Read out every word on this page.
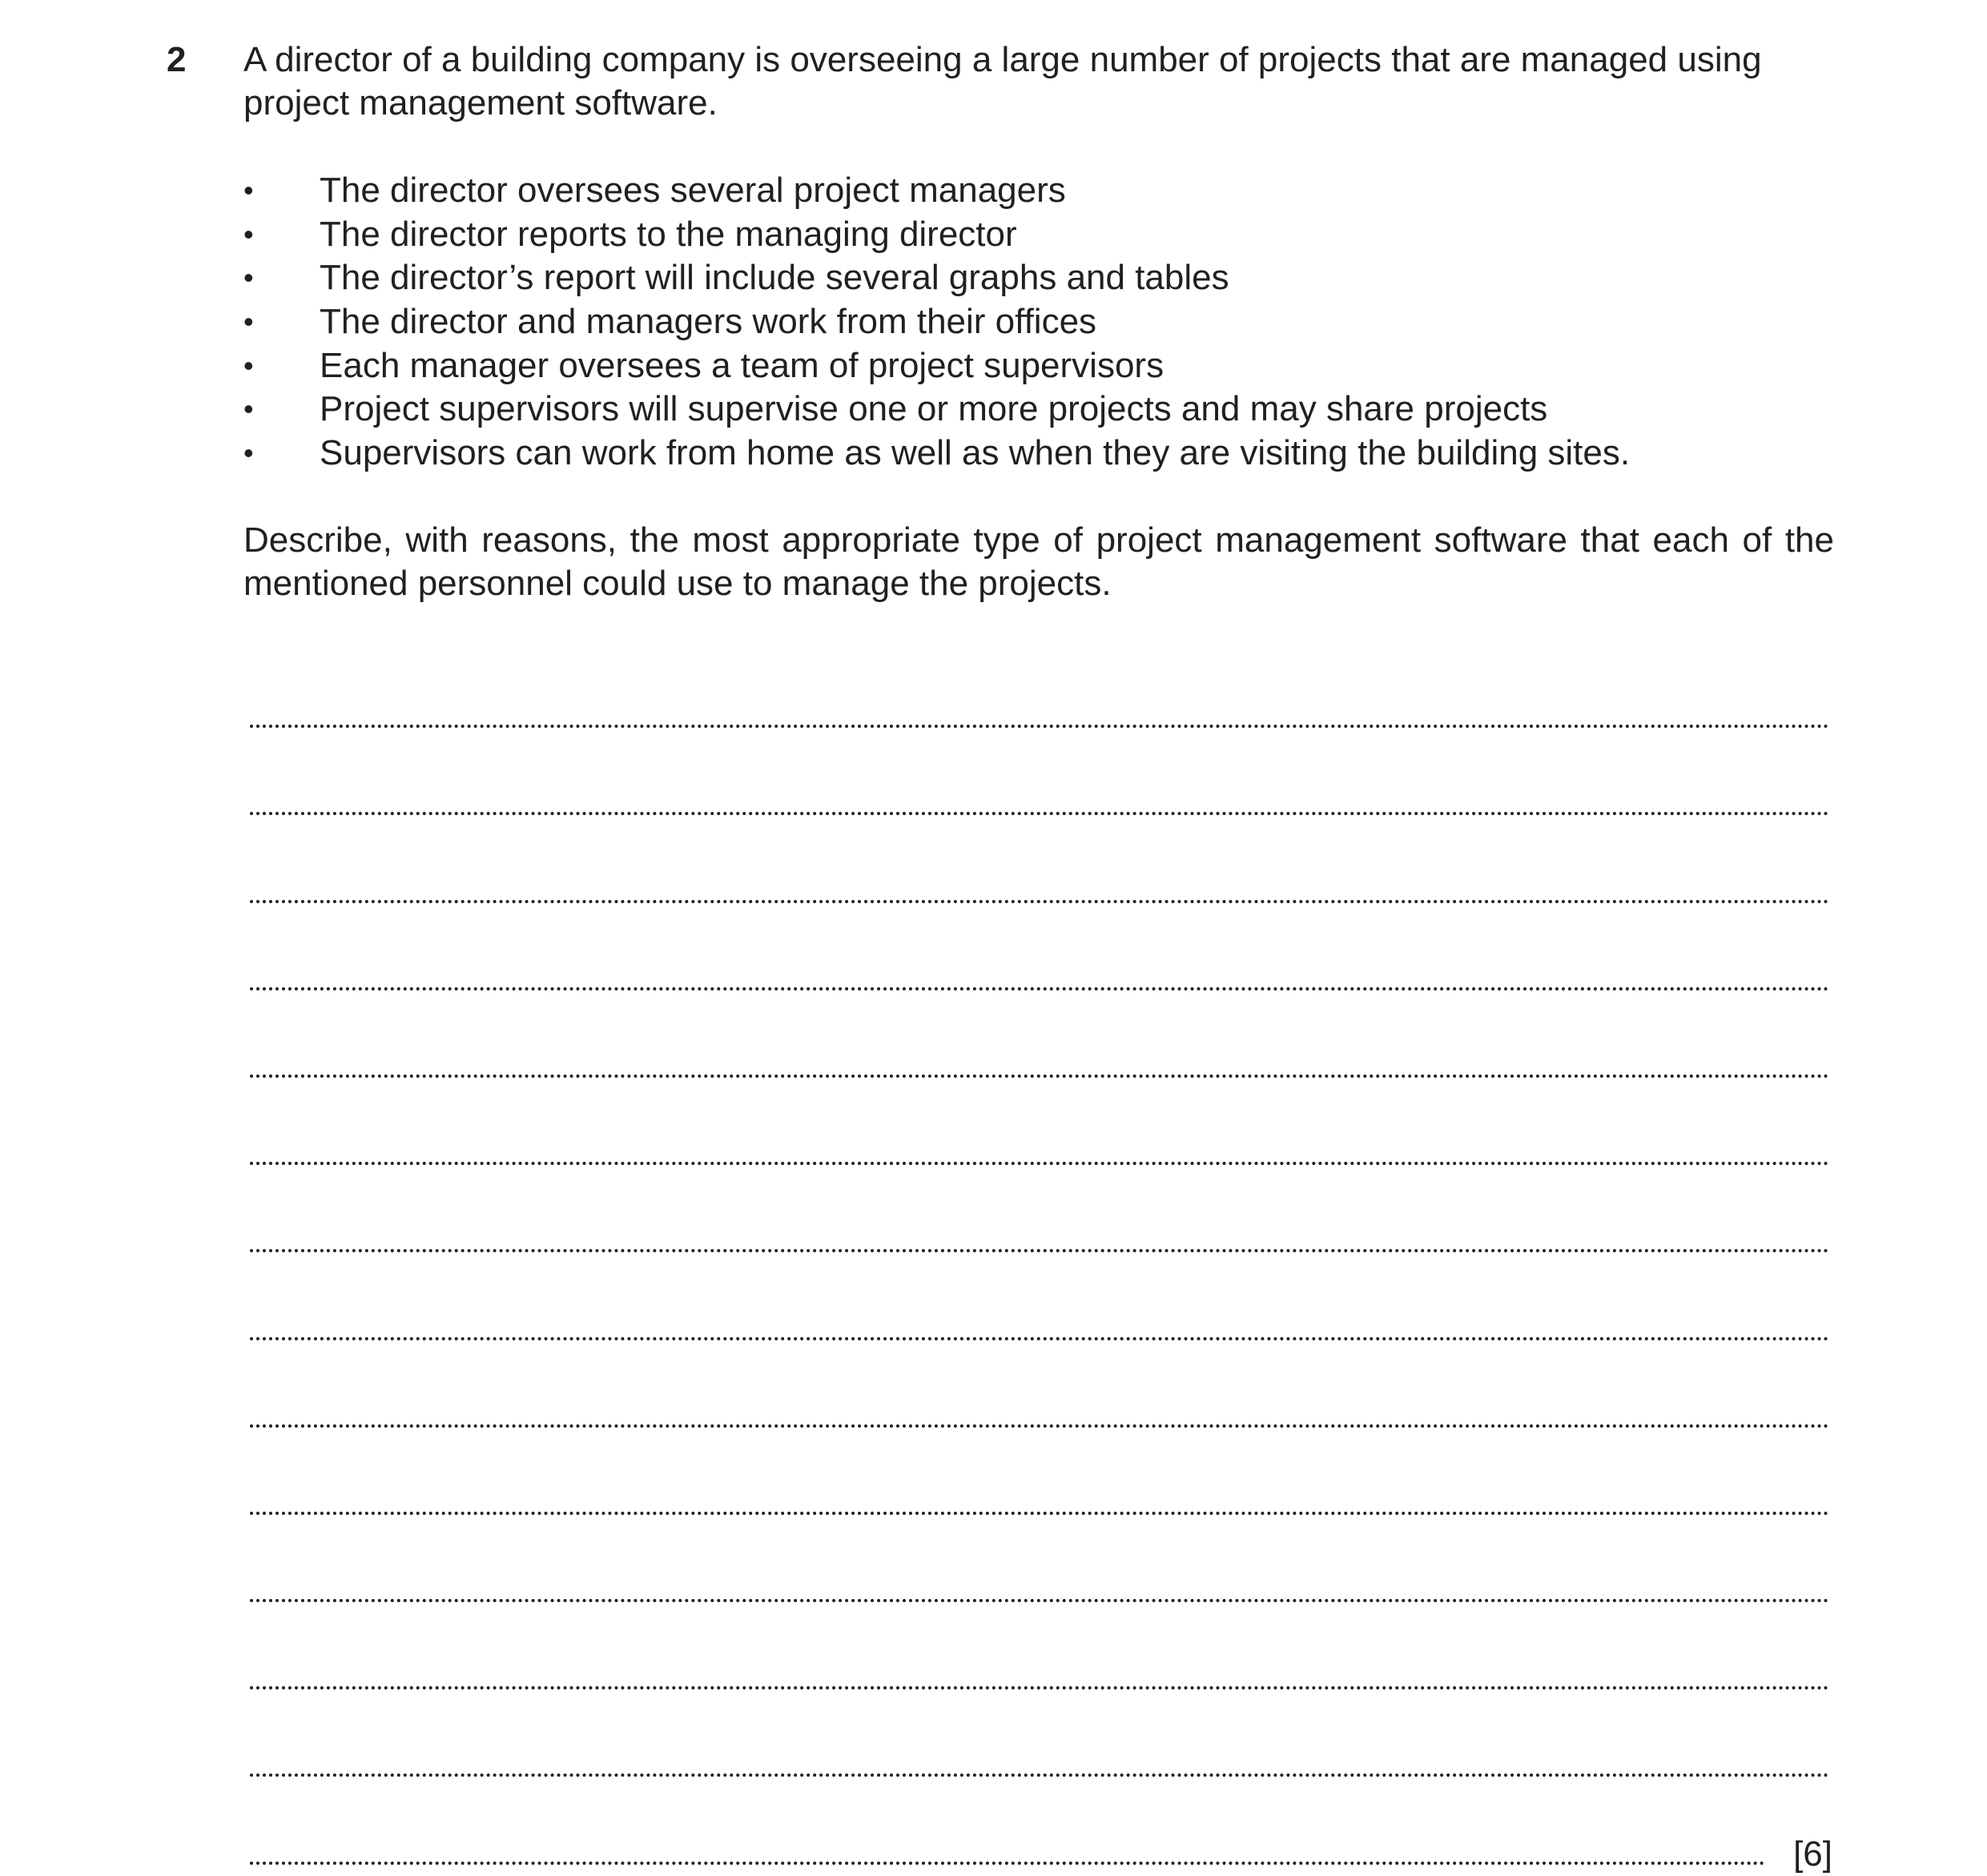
2 A director of a building company is overseeing a large number of projects that are managed using project management software.
•	The director oversees several project managers
•	The director reports to the managing director
•	The director’s report will include several graphs and tables
•	The director and managers work from their offices
•	Each manager oversees a team of project supervisors
•	Project supervisors will supervise one or more projects and may share projects
•	Supervisors can work from home as well as when they are visiting the building sites.
Describe, with reasons, the most appropriate type of project management software that each of the mentioned personnel could use to manage the projects.
[6]
